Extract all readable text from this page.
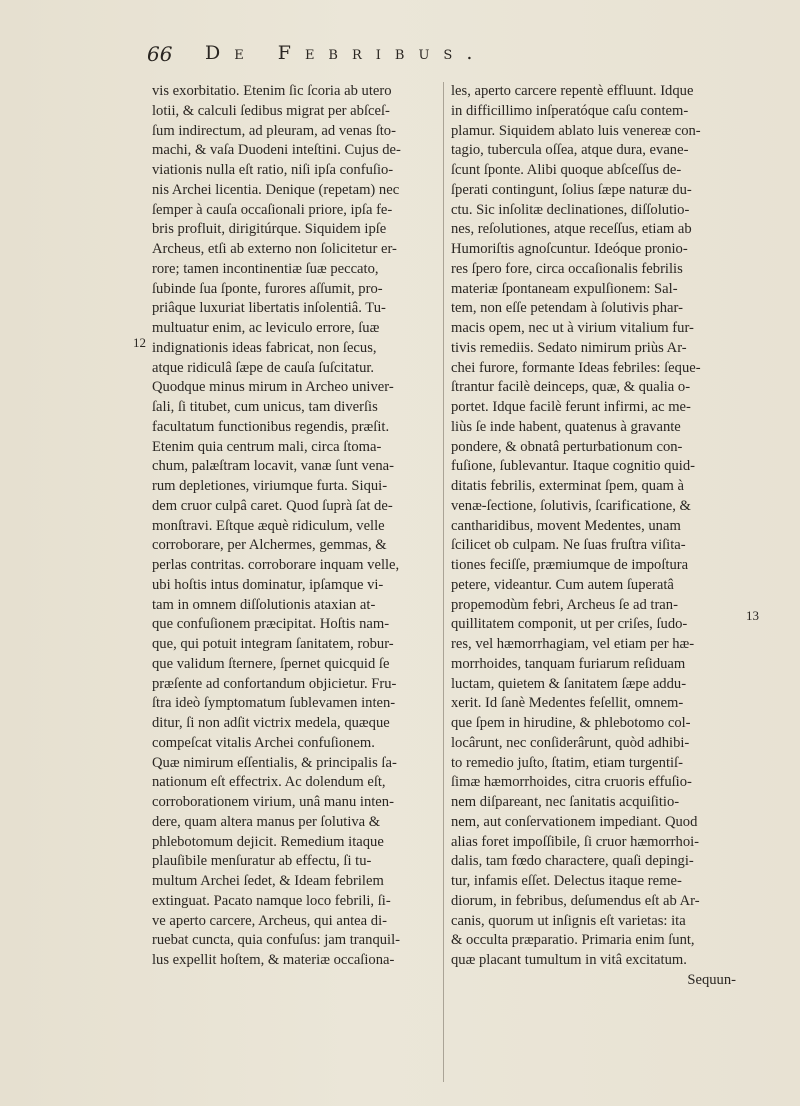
66 De Febribus.
12
13
vis exorbitatio. Etenim ſic ſcoria ab utero
lotii, & calculi ſedibus migrat per abſceſ-
ſum indirectum, ad pleuram, ad venas ſto-
machi, & vaſa Duodeni inteſtini. Cujus de-
viationis nulla eſt ratio, niſi ipſa confuſio-
nis Archei licentia. Denique (repetam) nec
ſemper à cauſa occaſionali priore, ipſa fe-
bris profluit, dirigitúrque. Siquidem ipſe
Archeus, etſi ab externo non ſolicitetur er-
rore; tamen incontinentiæ ſuæ peccato,
ſubinde ſua ſponte, furores aſſumit, pro-
priâque luxuriat libertatis inſolentiâ. Tu-
multuatur enim, ac leviculo errore, ſuæ
indignationis ideas fabricat, non ſecus,
atque ridiculâ ſæpe de cauſa ſuſcitatur.
Quodque minus mirum in Archeo univer-
ſali, ſi titubet, cum unicus, tam diverſis
facultatum functionibus regendis, præſit.
Etenim quia centrum mali, circa ſtoma-
chum, palæſtram locavit, vanæ ſunt vena-
rum depletiones, viriumque furta. Siqui-
dem cruor culpâ caret. Quod ſuprà ſat de-
monſtravi. Eſtque æquè ridiculum, velle
corroborare, per Alchermes, gemmas, &
perlas contritas. corroborare inquam velle,
ubi hoſtis intus dominatur, ipſamque vi-
tam in omnem diſſolutionis ataxian at-
que confuſionem præcipitat. Hoſtis nam-
que, qui potuit integram ſanitatem, robur-
que validum ſternere, ſpernet quicquid ſe
præſente ad confortandum objicietur. Fru-
ſtra ideò ſymptomatum ſublevamen inten-
ditur, ſi non adſit victrix medela, quæque
compeſcat vitalis Archei confuſionem.
Quæ nimirum eſſentialis, & principalis ſa-
nationum eſt effectrix. Ac dolendum eſt,
corroborationem virium, unâ manu inten-
dere, quam altera manus per ſolutiva &
phlebotomum dejicit. Remedium itaque
plauſibile menſuratur ab effectu, ſi tu-
multum Archei ſedet, & Ideam febrilem
extinguat. Pacato namque loco febrili, ſi-
ve aperto carcere, Archeus, qui antea di-
ruebat cuncta, quia confuſus: jam tranquil-
lus expellit hoſtem, & materiæ occaſiona-
les, aperto carcere repentè effluunt. Idque
in difficillimo inſperatóque caſu contem-
plamur. Siquidem ablato luis venereæ con-
tagio, tubercula oſſea, atque dura, evane-
ſcunt ſponte. Alibi quoque abſceſſus de-
ſperati contingunt, ſolius ſæpe naturæ du-
ctu. Sic inſolitæ declinationes, diſſolutio-
nes, reſolutiones, atque receſſus, etiam ab
Humoriſtis agnoſcuntur. Ideóque pronio-
res ſpero fore, circa occaſionalis febrilis
materiæ ſpontaneam expulſionem: Sal-
tem, non eſſe petendam à ſolutivis phar-
macis opem, nec ut à virium vitalium fur-
tivis remediis. Sedato nimirum priùs Ar-
chei furore, formante Ideas febriles: ſeque-
ſtrantur facilè deinceps, quæ, & qualia o-
portet. Idque facilè ferunt infirmi, ac me-
liùs ſe inde habent, quatenus à gravante
pondere, & obnatâ perturbationum con-
fuſione, ſublevantur. Itaque cognitio quid-
ditatis febrilis, exterminat ſpem, quam à
venæ-ſectione, ſolutivis, ſcarificatione, &
cantharidibus, movent Medentes, unam
ſcilicet ob culpam. Ne ſuas fruſtra viſita-
tiones feciſſe, præmiumque de impoſtura
petere, videantur. Cum autem ſuperatâ
propemodùm febri, Archeus ſe ad tran-
quillitatem componit, ut per criſes, ſudo-
res, vel hæmorrhagiam, vel etiam per hæ-
morrhoides, tanquam furiarum reſiduam
luctam, quietem & ſanitatem ſæpe addu-
xerit. Id ſanè Medentes feſellit, omnem-
que ſpem in hirudine, & phlebotomo col-
locârunt, nec conſiderârunt, quòd adhibi-
to remedio juſto, ſtatim, etiam turgentiſ-
ſimæ hæmorrhoides, citra cruoris effuſio-
nem diſpareant, nec ſanitatis acquiſitio-
nem, aut conſervationem impediant. Quod
alias foret impoſſibile, ſi cruor hæmorrhoi-
dalis, tam fœdo charactere, quaſi depingi-
tur, infamis eſſet. Delectus itaque reme-
diorum, in febribus, deſumendus eſt ab Ar-
canis, quorum ut inſignis eſt varietas: ita
& occulta præparatio. Primaria enim ſunt,
quæ placant tumultum in vitâ excitatum.
Sequun-
